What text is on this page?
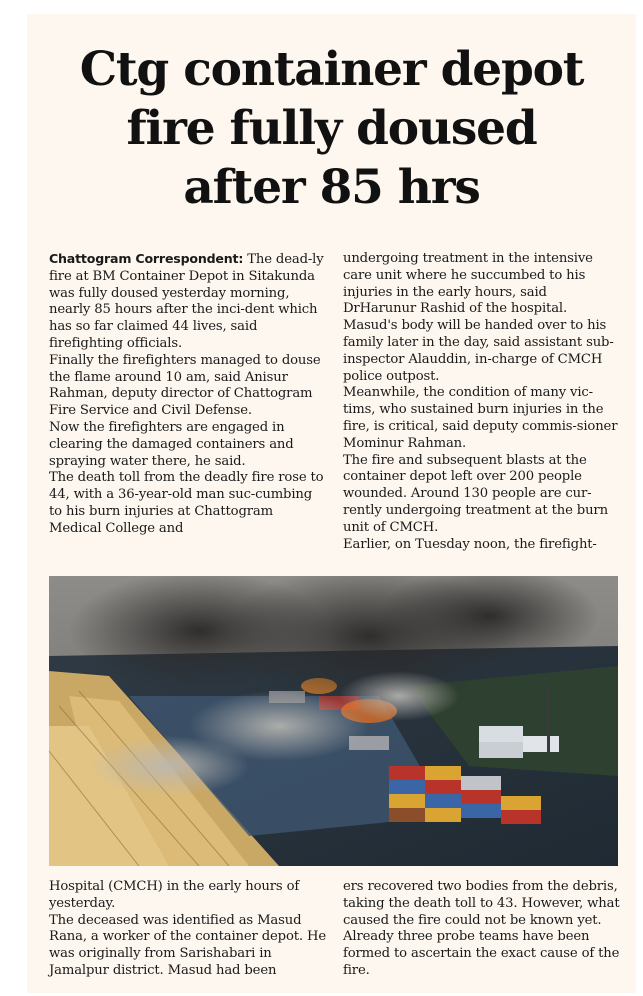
Ctg container depot
fire fully doused
after 85 hrs

Chattogram Correspondent: The dead-ly fire at BM Container Depot in Sitakunda was fully doused yesterday morning, nearly 85 hours after the inci-dent which has so far claimed 44 lives, said firefighting officials.

Finally the firefighters managed to douse the flame around 10 am, said Anisur Rahman, deputy director of Chattogram Fire Service and Civil Defense.

Now the firefighters are engaged in clearing the damaged containers and spraying water there, he said.

The death toll from the deadly fire rose to 44, with a 36-year-old man suc-cumbing to his burn injuries at Chattogram Medical College and

undergoing treatment in the intensive care unit where he succumbed to his injuries in the early hours, said DrHarunur Rashid of the hospital.

Masud's body will be handed over to his family later in the day, said assistant sub-inspector Alauddin, in-charge of CMCH police outpost.

Meanwhile, the condition of many vic-tims, who sustained burn injuries in the fire, is critical, said deputy commis-sioner Mominur Rahman.

The fire and subsequent blasts at the container depot left over 200 people wounded. Around 130 people are cur-rently undergoing treatment at the burn unit of CMCH.

Earlier, on Tuesday noon, the firefight-

Hospital (CMCH) in the early hours of yesterday.

The deceased was identified as Masud Rana, a worker of the container depot. He was originally from Sarishabari in Jamalpur district. Masud had been

ers recovered two bodies from the debris, taking the death toll to 43. However, what caused the fire could not be known yet. Already three probe teams have been formed to ascertain the exact cause of the fire.
